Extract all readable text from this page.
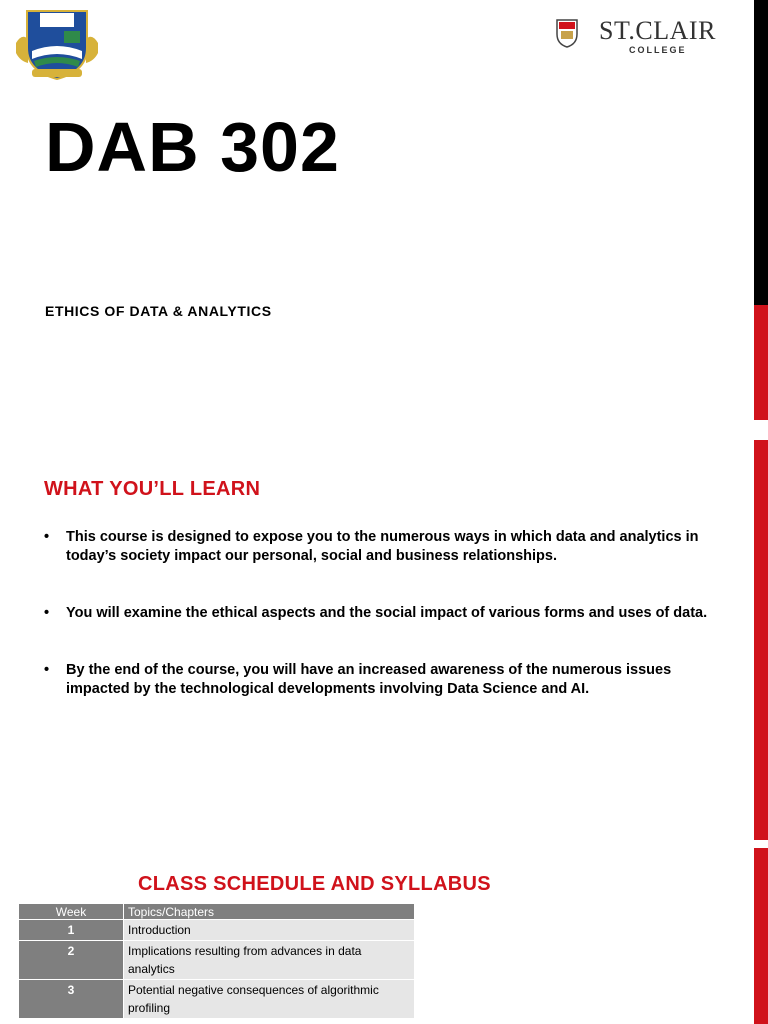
ST.CLAIR
COLLEGE
DAB 302
ETHICS OF DATA & ANALYTICS
WHAT YOU’LL LEARN
• This course is designed to expose you to the numerous ways in which data and analytics in today’s society impact our personal, social and business relationships.
• You will examine the ethical aspects and the social impact of various forms and uses of data.
• By the end of the course, you will have an increased awareness of the numerous issues impacted by the technological developments involving Data Science and AI.
CLASS SCHEDULE AND SYLLABUS
Week	Topics/Chapters
1	Introduction
2	Implications resulting from advances in data analytics
3	Potential negative consequences of algorithmic profiling
